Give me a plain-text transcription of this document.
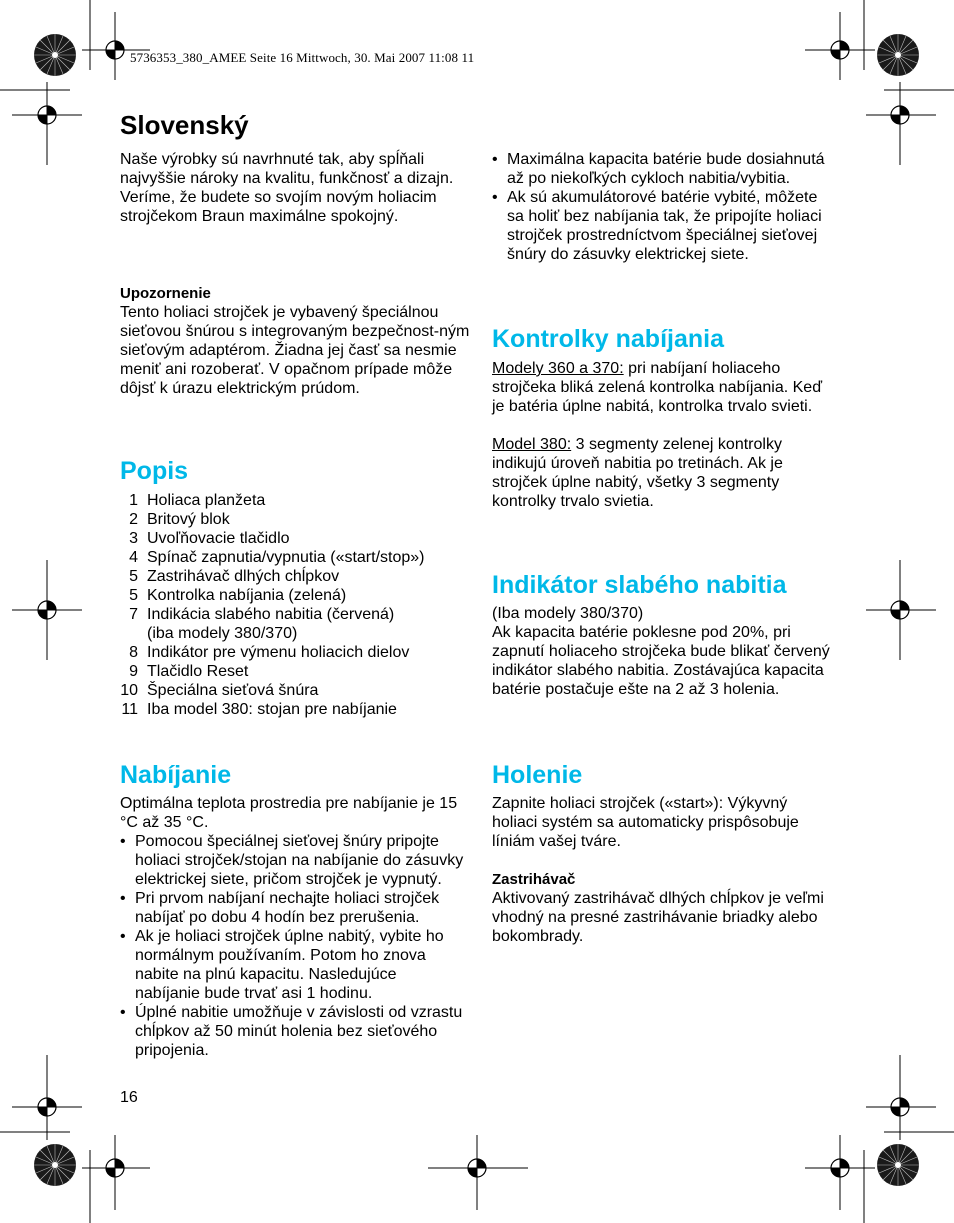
5736353_380_AMEE Seite 16 Mittwoch, 30. Mai 2007 11:08 11
Slovenský

Naše výrobky sú navrhnuté tak, aby spĺňali najvyššie nároky na kvalitu, funkčnosť a dizajn. Veríme, že budete so svojím novým holiacim strojčekom Braun maximálne spokojný.

Upozornenie

Tento holiaci strojček je vybavený špeciálnou sieťovou šnúrou s integrovaným bezpečnost-ným sieťovým adaptérom. Žiadna jej časť sa nesmie meniť ani rozoberať. V opačnom prípade môže dôjsť k úrazu elektrickým prúdom.

Popis
1 Holiaca planžeta
2 Britový blok
3 Uvoľňovacie tlačidlo
4 Spínač zapnutia/vypnutia («start/stop»)
5 Zastrihávač dlhých chĺpkov
5 Kontrolka nabíjania (zelená)
7 Indikácia slabého nabitia (červená)
(iba modely 380/370)
8 Indikátor pre výmenu holiacich dielov
9 Tlačidlo Reset
10 Špeciálna sieťová šnúra
11 Iba model 380: stojan pre nabíjanie
Nabíjanie

Optimálna teplota prostredia pre nabíjanie je 15 °C až 35 °C.

• Pomocou špeciálnej sieťovej šnúry pripojte holiaci strojček/stojan na nabíjanie do zásuvky elektrickej siete, pričom strojček je vypnutý.
• Pri prvom nabíjaní nechajte holiaci strojček nabíjať po dobu 4 hodín bez prerušenia.
• Ak je holiaci strojček úplne nabitý, vybite ho normálnym používaním. Potom ho znova nabite na plnú kapacitu. Nasledujúce nabíjanie bude trvať asi 1 hodinu.
• Úplné nabitie umožňuje v závislosti od vzrastu chĺpkov až 50 minút holenia bez sieťového pripojenia.
16
• Maximálna kapacita batérie bude dosiahnutá až po niekoľkých cykloch nabitia/vybitia.
• Ak sú akumulátorové batérie vybité, môžete sa holiť bez nabíjania tak, že pripojíte holiaci strojček prostredníctvom špeciálnej sieťovej šnúry do zásuvky elektrickej siete.
Kontrolky nabíjania

Modely 360 a 370: pri nabíjaní holiaceho strojčeka bliká zelená kontrolka nabíjania. Keď je batéria úplne nabitá, kontrolka trvalo svieti.

Model 380: 3 segmenty zelenej kontrolky indikujú úroveň nabitia po tretinách. Ak je strojček úplne nabitý, všetky 3 segmenty kontrolky trvalo svietia.

Indikátor slabého nabitia

(Iba modely 380/370)

Ak kapacita batérie poklesne pod 20%, pri zapnutí holiaceho strojčeka bude blikať červený indikátor slabého nabitia. Zostávajúca kapacita batérie postačuje ešte na 2 až 3 holenia.

Holenie

Zapnite holiaci strojček («start»): Výkyvný holiaci systém sa automaticky prispôsobuje líniám vašej tváre.

Zastrihávač

Aktivovaný zastrihávač dlhých chĺpkov je veľmi vhodný na presné zastrihávanie briadky alebo bokombrady.
